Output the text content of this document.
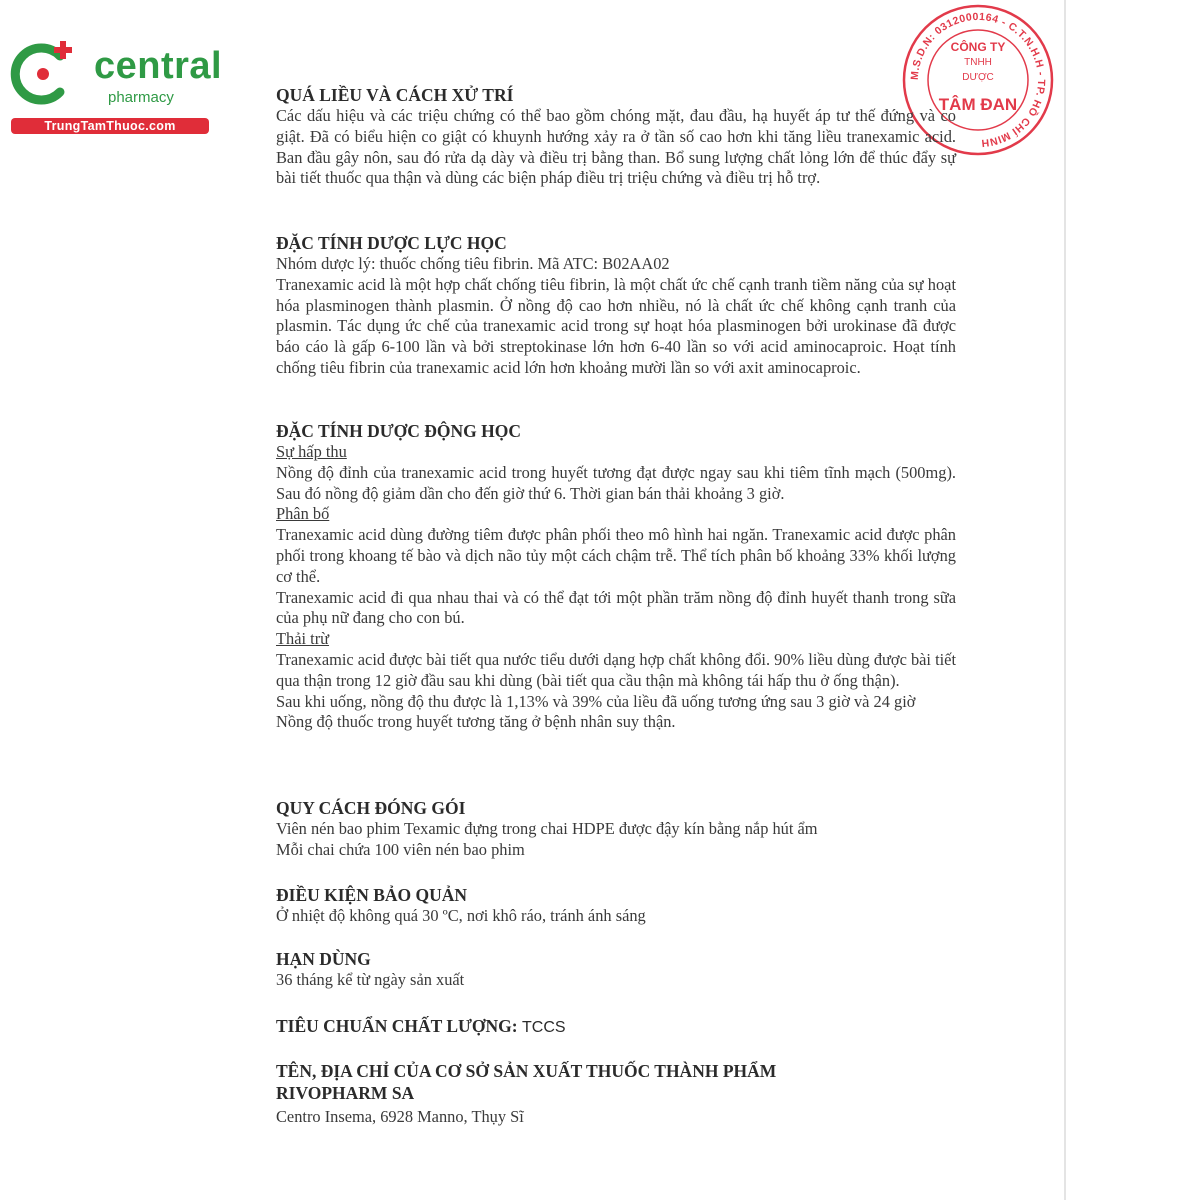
central
pharmacy
TrungTamThuoc.com
M.S.D.N: 0312000164 - C.T.N.H.H - TP. HỒ CHÍ MINH
CÔNG TY
TNHH
DƯỢC
TÂM ĐAN
QUÁ LIỀU VÀ CÁCH XỬ TRÍ
Các dấu hiệu và các triệu chứng có thể bao gồm chóng mặt, đau đầu, hạ huyết áp tư thế đứng và co giật. Đã có biểu hiện co giật có khuynh hướng xảy ra ở tần số cao hơn khi tăng liều tranexamic acid. Ban đầu gây nôn, sau đó rửa dạ dày và điều trị bằng than. Bổ sung lượng chất lỏng lớn để thúc đẩy sự bài tiết thuốc qua thận và dùng các biện pháp điều trị triệu chứng và điều trị hỗ trợ.
ĐẶC TÍNH DƯỢC LỰC HỌC
Nhóm dược lý: thuốc chống tiêu fibrin. Mã ATC: B02AA02
Tranexamic acid là một hợp chất chống tiêu fibrin, là một chất ức chế cạnh tranh tiềm năng của sự hoạt hóa plasminogen thành plasmin. Ở nồng độ cao hơn nhiều, nó là chất ức chế không cạnh tranh của plasmin. Tác dụng ức chế của tranexamic acid trong sự hoạt hóa plasminogen bởi urokinase đã được báo cáo là gấp 6-100 lần và bởi streptokinase lớn hơn 6-40 lần so với acid aminocaproic. Hoạt tính chống tiêu fibrin của tranexamic acid lớn hơn khoảng mười lần so với axit aminocaproic.
ĐẶC TÍNH DƯỢC ĐỘNG HỌC
Sự hấp thu
Nồng độ đỉnh của tranexamic acid trong huyết tương đạt được ngay sau khi tiêm tĩnh mạch (500mg). Sau đó nồng độ giảm dần cho đến giờ thứ 6. Thời gian bán thải khoảng 3 giờ.
Phân bố
Tranexamic acid dùng đường tiêm được phân phối theo mô hình hai ngăn. Tranexamic acid được phân phối trong khoang tế bào và dịch não tủy một cách chậm trễ. Thể tích phân bố khoảng 33% khối lượng cơ thể.
Tranexamic acid đi qua nhau thai và có thể đạt tới một phần trăm nồng độ đỉnh huyết thanh trong sữa của phụ nữ đang cho con bú.
Thải trừ
Tranexamic acid được bài tiết qua nước tiểu dưới dạng hợp chất không đổi. 90% liều dùng được bài tiết qua thận trong 12 giờ đầu sau khi dùng (bài tiết qua cầu thận mà không tái hấp thu ở ống thận).
Sau khi uống, nồng độ thu được là 1,13% và 39% của liều đã uống tương ứng sau 3 giờ và 24 giờ
Nồng độ thuốc trong huyết tương tăng ở bệnh nhân suy thận.
QUY CÁCH ĐÓNG GÓI
Viên nén bao phim Texamic đựng trong chai HDPE được đậy kín bằng nắp hút ẩm
Mỗi chai chứa 100 viên nén bao phim
ĐIỀU KIỆN BẢO QUẢN
Ở nhiệt độ không quá 30 ºC, nơi khô ráo, tránh ánh sáng
HẠN DÙNG
36 tháng kể từ ngày sản xuất
TIÊU CHUẨN CHẤT LƯỢNG: TCCS
TÊN, ĐỊA CHỈ CỦA CƠ SỞ SẢN XUẤT THUỐC THÀNH PHẨM
RIVOPHARM SA
Centro Insema, 6928 Manno, Thụy Sĩ
